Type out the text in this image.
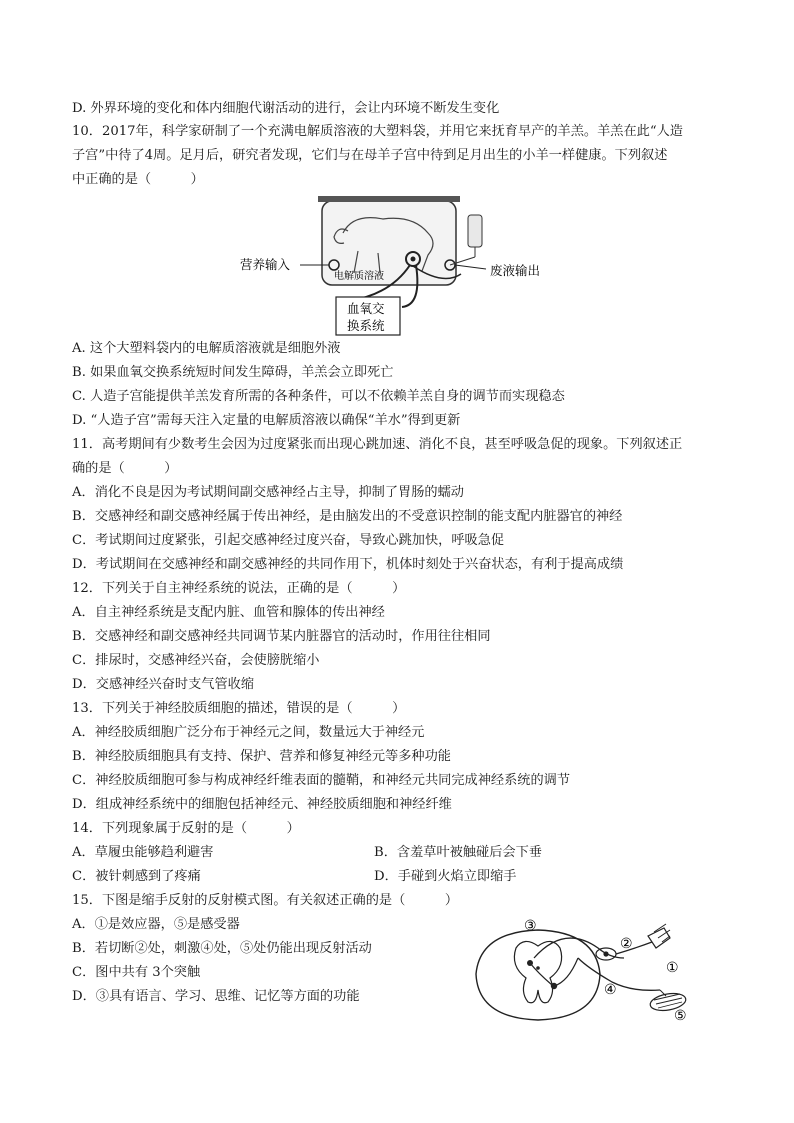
D. 外界环境的变化和体内细胞代谢活动的进行，会让内环境不断发生变化
10．2017年，科学家研制了一个充满电解质溶液的大塑料袋，并用它来抚育早产的羊羔。羊羔在此“人造
子宫”中待了4周。足月后，研究者发现，它们与在母羊子宫中待到足月出生的小羊一样健康。下列叙述
中正确的是（　　　）
营养输入	废液输出
电解质溶液
血氧交
换系统
A. 这个大塑料袋内的电解质溶液就是细胞外液
B. 如果血氧交换系统短时间发生障碍，羊羔会立即死亡
C. 人造子宫能提供羊羔发育所需的各种条件，可以不依赖羊羔自身的调节而实现稳态
D. “人造子宫”需每天注入定量的电解质溶液以确保“羊水”得到更新
11．高考期间有少数考生会因为过度紧张而出现心跳加速、消化不良，甚至呼吸急促的现象。下列叙述正
确的是（　　　）
A．消化不良是因为考试期间副交感神经占主导，抑制了胃肠的蠕动
B．交感神经和副交感神经属于传出神经，是由脑发出的不受意识控制的能支配内脏器官的神经
C．考试期间过度紧张，引起交感神经过度兴奋，导致心跳加快，呼吸急促
D．考试期间在交感神经和副交感神经的共同作用下，机体时刻处于兴奋状态，有利于提高成绩
12．下列关于自主神经系统的说法，正确的是（　　　）
A．自主神经系统是支配内脏、血管和腺体的传出神经
B．交感神经和副交感神经共同调节某内脏器官的活动时，作用往往相同
C．排尿时，交感神经兴奋，会使膀胱缩小
D．交感神经兴奋时支气管收缩
13．下列关于神经胶质细胞的描述，错误的是（　　　）
A．神经胶质细胞广泛分布于神经元之间，数量远大于神经元
B．神经胶质细胞具有支持、保护、营养和修复神经元等多种功能
C．神经胶质细胞可参与构成神经纤维表面的髓鞘，和神经元共同完成神经系统的调节
D．组成神经系统中的细胞包括神经元、神经胶质细胞和神经纤维
14．下列现象属于反射的是（　　　）
A．草履虫能够趋利避害	B．含羞草叶被触碰后会下垂
C．被针刺感到了疼痛	D．手碰到火焰立即缩手
15．下图是缩手反射的反射模式图。有关叙述正确的是（　　　）
A．①是效应器，⑤是感受器
B．若切断②处，刺激④处，⑤处仍能出现反射活动
C．图中共有 3个突触
D．③具有语言、学习、思维、记忆等方面的功能
③
②
①
④
⑤
